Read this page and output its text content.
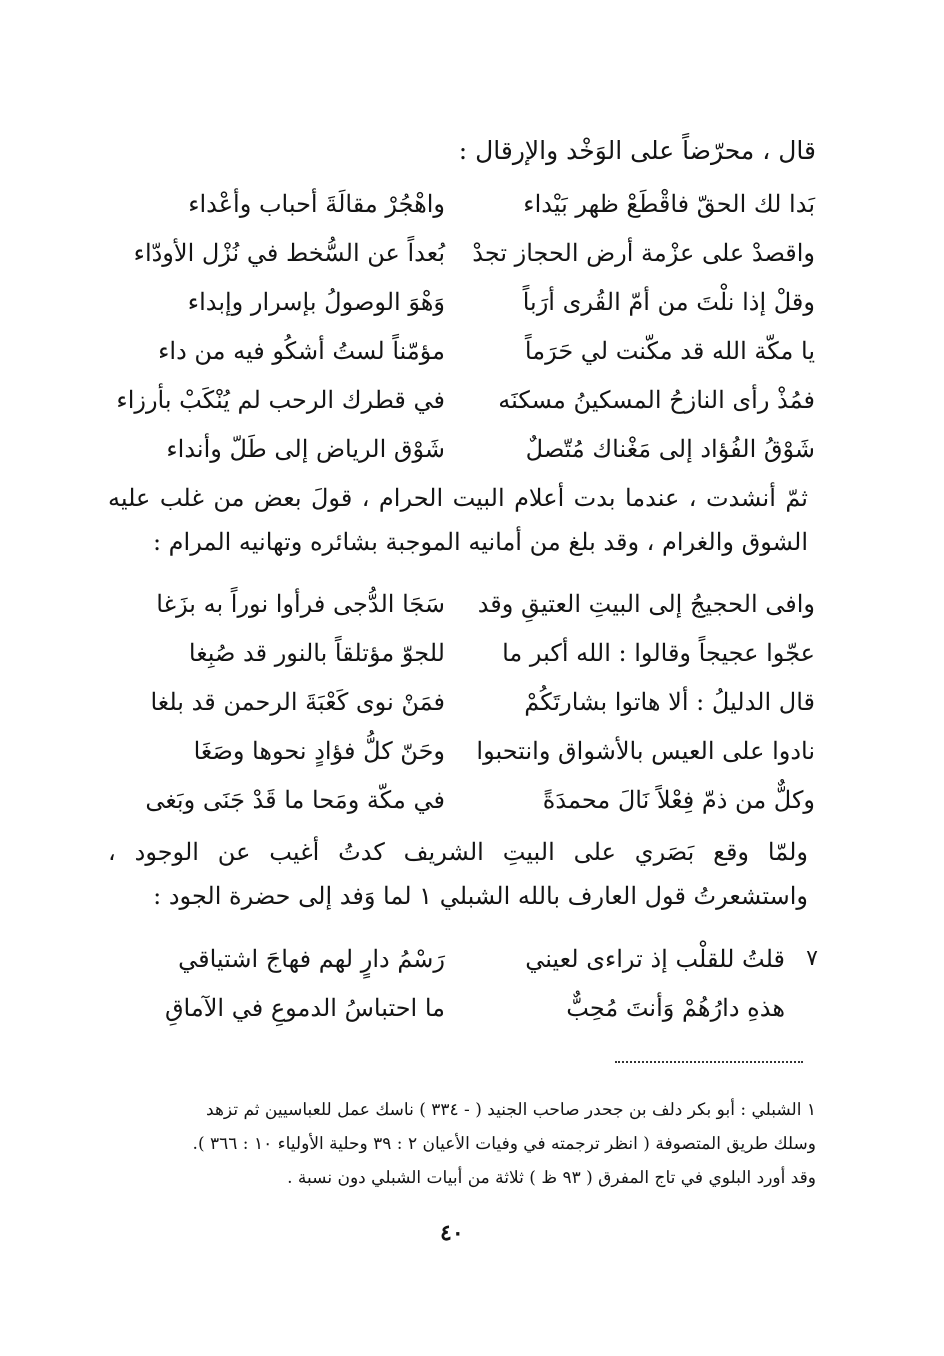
قال ، محرّضاً على الوَخْد والإرقال :
بَدا لك الحقّ فاقْطَعْ ظهر بَيْداء
واهْجُرْ مقالَةَ أحباب وأعْداء
واقصدْ على عزْمة أرض الحجاز تجدْ
بُعداً عن السُّخط في نُزْل الأودّاء
وقلْ إذا نلْتَ من أمّ القُرى أرَباً
وَهْوَ الوصولُ بإسرار وإبداء
يا مكّة الله قد مكّنت لي حَرَماً
مؤمّناً لستُ أشكُو فيه من داء
فمُذْ رأى النازحُ المسكينُ مسكنَه
في قطرك الرحب لم يُنْكَبْ بأرزاء
شَوْقُ الفُؤاد إلى مَغْناك مُتّصلٌ
شَوْق الرياض إلى طَلّ وأنداء
ثمّ أنشدت ، عندما بدت أعلام البيت الحرام ، قولَ بعض من غلب عليه الشوق والغرام ، وقد بلغ من أمانيه الموجبة بشائره وتهانيه المرام :
وافى الحجيجُ إلى البيتِ العتيقِ وقد
سَجَا الدُّجى فرأوا نوراً به بزَغا
عجّوا عجيجاً وقالوا : الله أكبر ما
للجوّ مؤتلقاً بالنور قد صُبِغا
قال الدليلُ : ألا هاتوا بشارتَكُمْ
فمَنْ نوى كَعْبَةَ الرحمن قد بلغا
نادوا على العيس بالأشواق وانتحبوا
وحَنّ كلُّ فؤادٍ نحوها وصَغَا
وكلٌّ من ذمّ فِعْلاً نَالَ محمدَةً
في مكّة ومَحا ما قَدْ جَنَى وبَغى
ولمّا وقع بَصَري على البيتِ الشريف كدتُ أغيب عن الوجود ، واستشعرتُ قول العارف بالله الشبلي ١ لما وَفد إلى حضرة الجود :
٧
قلتُ للقلْب إذ تراءى لعيني
رَسْمُ دارٍ لهم فهاجَ اشتياقي
هذهِ دارُهُمْ وَأنتَ مُحِبٌّ
ما احتباسُ الدموعِ في الآماقِ
١ الشبلي : أبو بكر دلف بن جحدر صاحب الجنيد ( - ٣٣٤ ) ناسك عمل للعباسيين ثم تزهد
وسلك طريق المتصوفة ( انظر ترجمته في وفيات الأعيان ٢ : ٣٩ وحلية الأولياء ١٠ : ٣٦٦ ).
وقد أورد البلوي في تاج المفرق ( ٩٣ ظ ) ثلاثة من أبيات الشبلي دون نسبة .
٤٠
